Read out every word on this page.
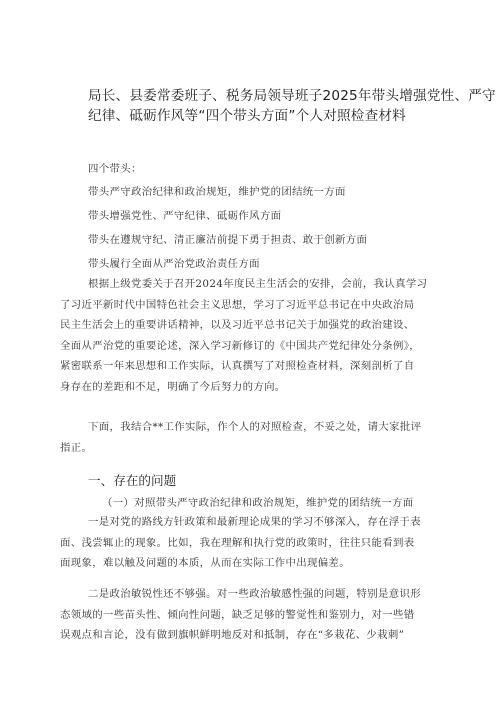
局长、县委常委班子、税务局领导班子2025年带头增强党性、严守
纪律、砥砺作风等“四个带头方面”个人对照检查材料
四个带头：
带头严守政治纪律和政治规矩，维护党的团结统一方面
带头增强党性、严守纪律、砥砺作风方面
带头在遵规守纪、清正廉洁前提下勇于担责、敢于创新方面
带头履行全面从严治党政治责任方面
根据上级党委关于召开2024年度民主生活会的安排，会前，我认真学习
了习近平新时代中国特色社会主义思想，学习了习近平总书记在中央政治局
民主生活会上的重要讲话精神，以及习近平总书记关于加强党的政治建设、
全面从严治党的重要论述，深入学习新修订的《中国共产党纪律处分条例》，
紧密联系一年来思想和工作实际，认真撰写了对照检查材料，深刻剖析了自
身存在的差距和不足，明确了今后努力的方向。
下面，我结合**工作实际，作个人的对照检查，不妥之处，请大家批评
指正。
一、存在的问题
（一）对照带头严守政治纪律和政治规矩，维护党的团结统一方面
一是对党的路线方针政策和最新理论成果的学习不够深入，存在浮于表
面、浅尝辄止的现象。比如，我在理解和执行党的政策时，往往只能看到表
面现象，难以触及问题的本质，从而在实际工作中出现偏差。
二是政治敏锐性还不够强。对一些政治敏感性强的问题，特别是意识形
态领域的一些苗头性、倾向性问题，缺乏足够的警觉性和鉴别力，对一些错
误观点和言论，没有做到旗帜鲜明地反对和抵制，存在“多栽花、少栽刺”
